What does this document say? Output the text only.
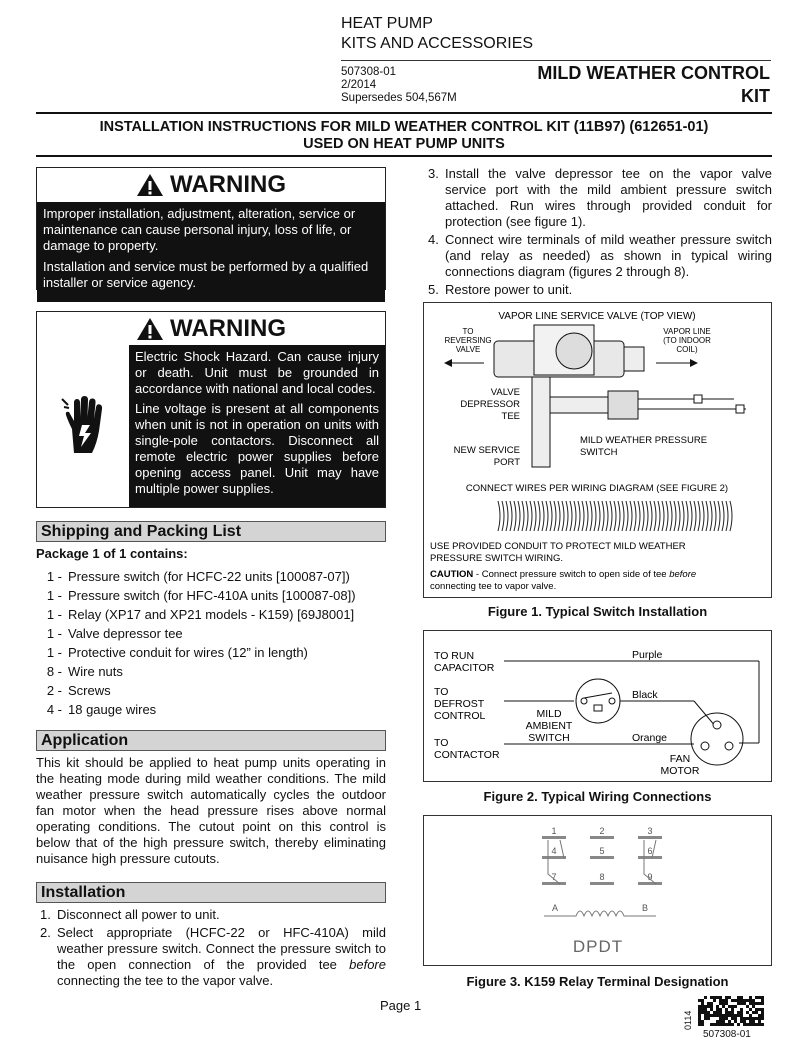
HEAT PUMP
KITS AND ACCESSORIES
507308-01
2/2014
Supersedes 504,567M
MILD WEATHER CONTROL
KIT
INSTALLATION INSTRUCTIONS FOR MILD WEATHER CONTROL KIT (11B97) (612651-01)
USED ON HEAT PUMP UNITS
WARNING

Improper installation, adjustment, alteration, service or maintenance can cause personal injury, loss of life, or damage to property.

Installation and service must be performed by a qualified installer or service agency.

WARNING

Electric Shock Hazard. Can cause injury or death. Unit must be grounded in accordance with national and local codes.

Line voltage is present at all components when unit is not in operation on units with single-pole contactors. Disconnect all remote electric power supplies before opening access panel. Unit may have multiple power supplies.

Shipping and Packing List
Package 1 of 1 contains:
1 - Pressure switch (for HCFC-22 units [100087-07])
1 - Pressure switch (for HFC-410A units [100087-08])
1 - Relay (XP17 and XP21 models - K159) [69J8001]
1 - Valve depressor tee
1 - Protective conduit for wires (12” in length)
8 - Wire nuts
2 - Screws
4 - 18 gauge wires
Application
This kit should be applied to heat pump units operating in the heating mode during mild weather conditions. The mild weather pressure switch automatically cycles the outdoor fan motor when the head pressure rises above normal operating conditions. The cutout point on this control is below that of the high pressure switch, thereby eliminating nuisance high pressure cutouts.
Installation
1. Disconnect all power to unit.
2. Select appropriate (HCFC-22 or HFC-410A) mild weather pressure switch. Connect the pressure switch to the open connection of the provided tee before connecting the tee to the vapor valve.
3. Install the valve depressor tee on the vapor valve service port with the mild ambient pressure switch attached. Run wires through provided conduit for protection (see figure 1).
4. Connect wire terminals of mild weather pressure switch (and relay as needed) as shown in typical wiring connections diagram (figures 2 through 8).
5. Restore power to unit.
VAPOR LINE SERVICE VALVE (TOP VIEW)
TO
REVERSING
VALVE
VAPOR LINE
(TO INDOOR
COIL)
VALVE
DEPRESSOR
TEE
NEW SERVICE
PORT
MILD WEATHER PRESSURE
SWITCH
CONNECT WIRES PER WIRING DIAGRAM (SEE FIGURE 2)
USE PROVIDED CONDUIT TO PROTECT MILD WEATHER
PRESSURE SWITCH WIRING.
CAUTION - Connect pressure switch to open side of tee before
connecting tee to vapor valve.
Figure 1. Typical Switch Installation
TO RUN
CAPACITOR
TO
DEFROST
CONTROL
TO
CONTACTOR
Purple
Black
MILD
AMBIENT
SWITCH	Orange
FAN
MOTOR
Figure 2. Typical Wiring Connections
DPDT
1	2	3
4	5	6
7	8	9
A	B
Figure 3. K159 Relay Terminal Designation
Page 1
0114
507308-01
